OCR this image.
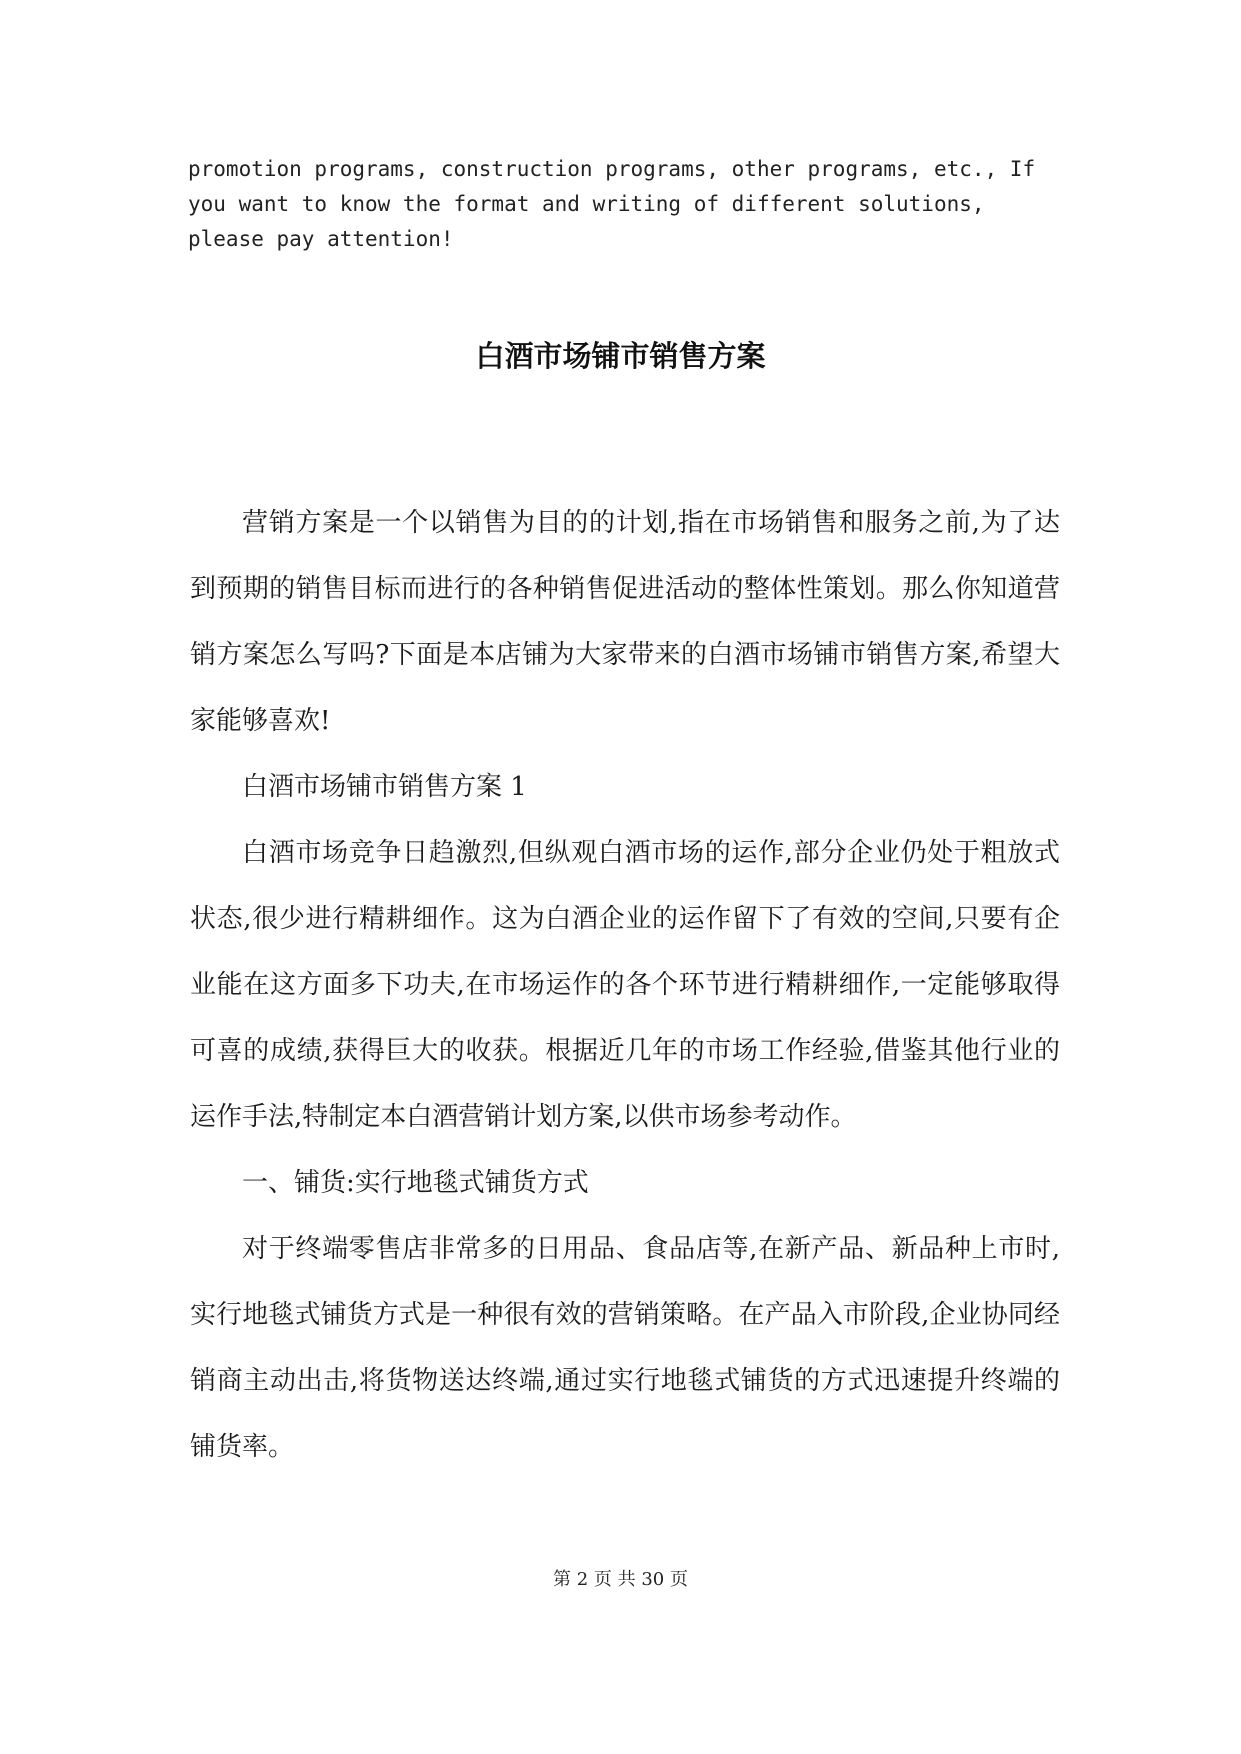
promotion programs, construction programs, other programs, etc., If you want to know the format and writing of different solutions, please pay attention!

白酒市场铺市销售方案

营销方案是一个以销售为目的的计划,指在市场销售和服务之前,为了达到预期的销售目标而进行的各种销售促进活动的整体性策划。那么你知道营销方案怎么写吗?下面是本店铺为大家带来的白酒市场铺市销售方案,希望大家能够喜欢!

白酒市场铺市销售方案 1

白酒市场竞争日趋激烈,但纵观白酒市场的运作,部分企业仍处于粗放式状态,很少进行精耕细作。这为白酒企业的运作留下了有效的空间,只要有企业能在这方面多下功夫,在市场运作的各个环节进行精耕细作,一定能够取得可喜的成绩,获得巨大的收获。根据近几年的市场工作经验,借鉴其他行业的运作手法,特制定本白酒营销计划方案,以供市场参考动作。

一、铺货:实行地毯式铺货方式

对于终端零售店非常多的日用品、食品店等,在新产品、新品种上市时,实行地毯式铺货方式是一种很有效的营销策略。在产品入市阶段,企业协同经销商主动出击,将货物送达终端,通过实行地毯式铺货的方式迅速提升终端的铺货率。

第 2 页 共 30 页
